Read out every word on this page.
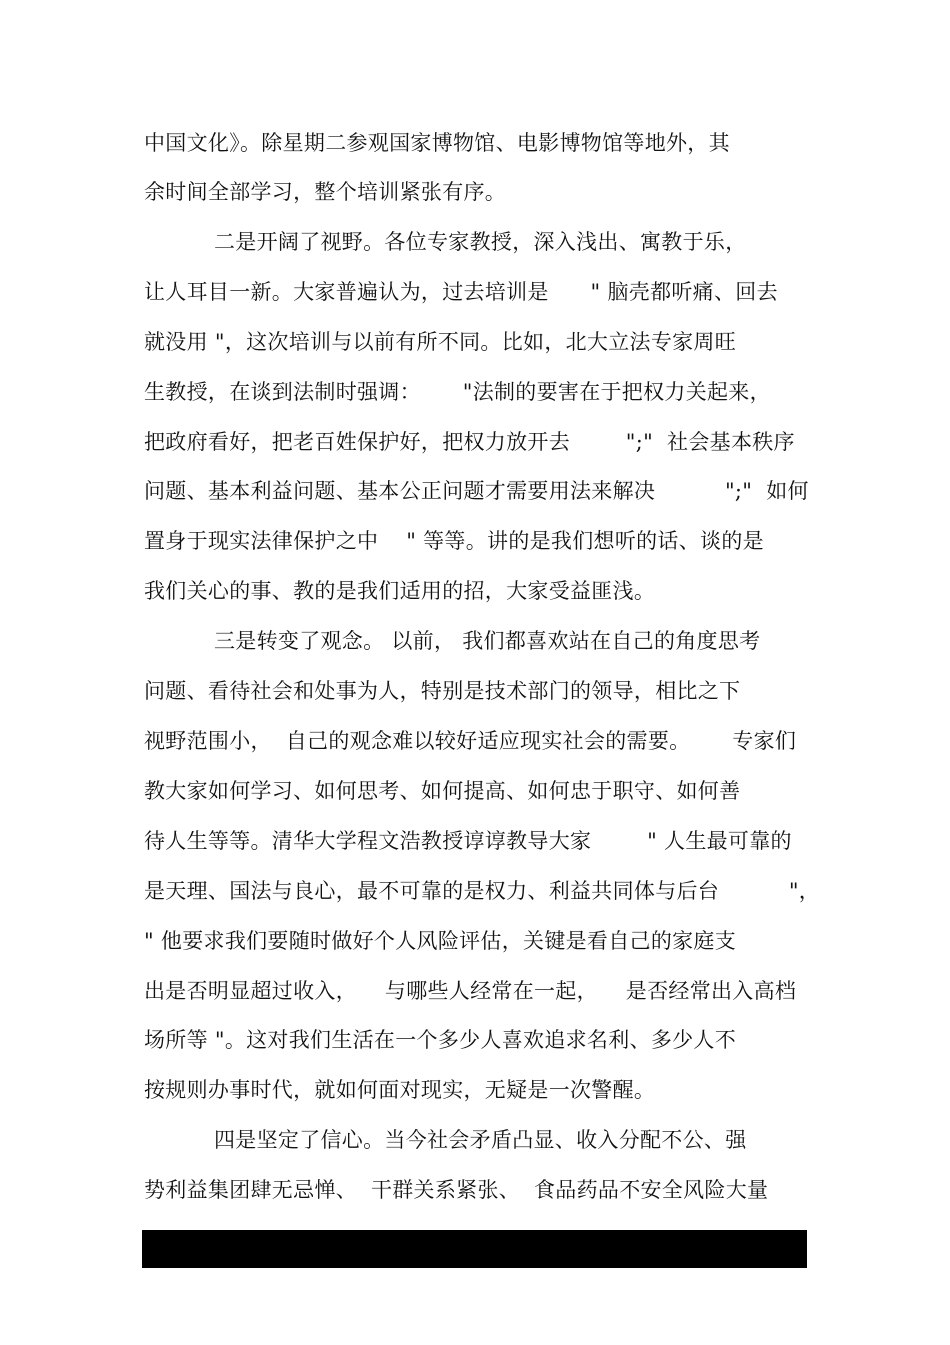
中国文化》。除星期二参观国家博物馆、电影博物馆等地外，其
余时间全部学习，整个培训紧张有序。
二是开阔了视野。各位专家教授，深入浅出、寓教于乐，
让人耳目一新。大家普遍认为，过去培训是      " 脑壳都听痛、回去
就没用 "，这次培训与以前有所不同。比如，北大立法专家周旺
生教授，在谈到法制时强调：      "法制的要害在于把权力关起来，
把政府看好，把老百姓保护好，把权力放开去        ";"  社会基本秩序
问题、基本利益问题、基本公正问题才需要用法来解决          ";"  如何
置身于现实法律保护之中    " 等等。讲的是我们想听的话、谈的是
我们关心的事、教的是我们适用的招，大家受益匪浅。
三是转变了观念。 以前， 我们都喜欢站在自己的角度思考
问题、看待社会和处事为人，特别是技术部门的领导，相比之下
视野范围小，  自己的观念难以较好适应现实社会的需要。      专家们
教大家如何学习、如何思考、如何提高、如何忠于职守、如何善
待人生等等。清华大学程文浩教授谆谆教导大家        " 人生最可靠的
是天理、国法与良心，最不可靠的是权力、利益共同体与后台          "，
" 他要求我们要随时做好个人风险评估，关键是看自己的家庭支
出是否明显超过收入，    与哪些人经常在一起，    是否经常出入高档
场所等 "。这对我们生活在一个多少人喜欢追求名利、多少人不
按规则办事时代，就如何面对现实，无疑是一次警醒。
四是坚定了信心。当今社会矛盾凸显、收入分配不公、强
势利益集团肆无忌惮、  干群关系紧张、  食品药品不安全风险大量
